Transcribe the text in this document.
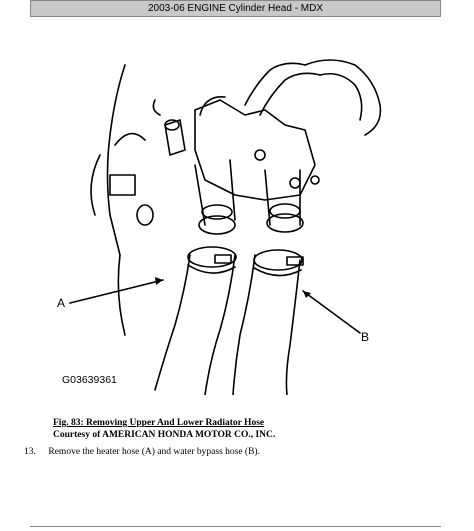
2003-06 ENGINE Cylinder Head - MDX
A
B
G03639361
Fig. 83: Removing Upper And Lower Radiator Hose
Courtesy of AMERICAN HONDA MOTOR CO., INC.
13. Remove the heater hose (A) and water bypass hose (B).
